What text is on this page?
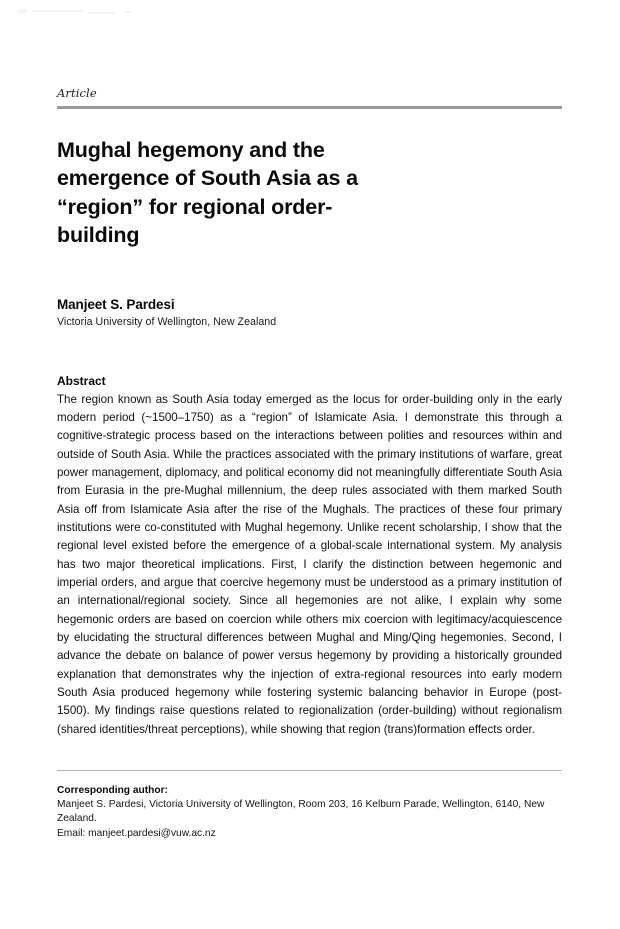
Article
Mughal hegemony and the emergence of South Asia as a “region” for regional order-building
Manjeet S. Pardesi
Victoria University of Wellington, New Zealand
Abstract

The region known as South Asia today emerged as the locus for order-building only in the early modern period (~1500–1750) as a “region” of Islamicate Asia. I demonstrate this through a cognitive-strategic process based on the interactions between polities and resources within and outside of South Asia. While the practices associated with the primary institutions of warfare, great power management, diplomacy, and political economy did not meaningfully differentiate South Asia from Eurasia in the pre-Mughal millennium, the deep rules associated with them marked South Asia off from Islamicate Asia after the rise of the Mughals. The practices of these four primary institutions were co-constituted with Mughal hegemony. Unlike recent scholarship, I show that the regional level existed before the emergence of a global-scale international system. My analysis has two major theoretical implications. First, I clarify the distinction between hegemonic and imperial orders, and argue that coercive hegemony must be understood as a primary institution of an international/regional society. Since all hegemonies are not alike, I explain why some hegemonic orders are based on coercion while others mix coercion with legitimacy/acquiescence by elucidating the structural differences between Mughal and Ming/Qing hegemonies. Second, I advance the debate on balance of power versus hegemony by providing a historically grounded explanation that demonstrates why the injection of extra-regional resources into early modern South Asia produced hegemony while fostering systemic balancing behavior in Europe (post-1500). My findings raise questions related to regionalization (order-building) without regionalism (shared identities/threat perceptions), while showing that region (trans)formation effects order.

Corresponding author:
Manjeet S. Pardesi, Victoria University of Wellington, Room 203, 16 Kelburn Parade, Wellington, 6140, New Zealand.
Email: manjeet.pardesi@vuw.ac.nz
